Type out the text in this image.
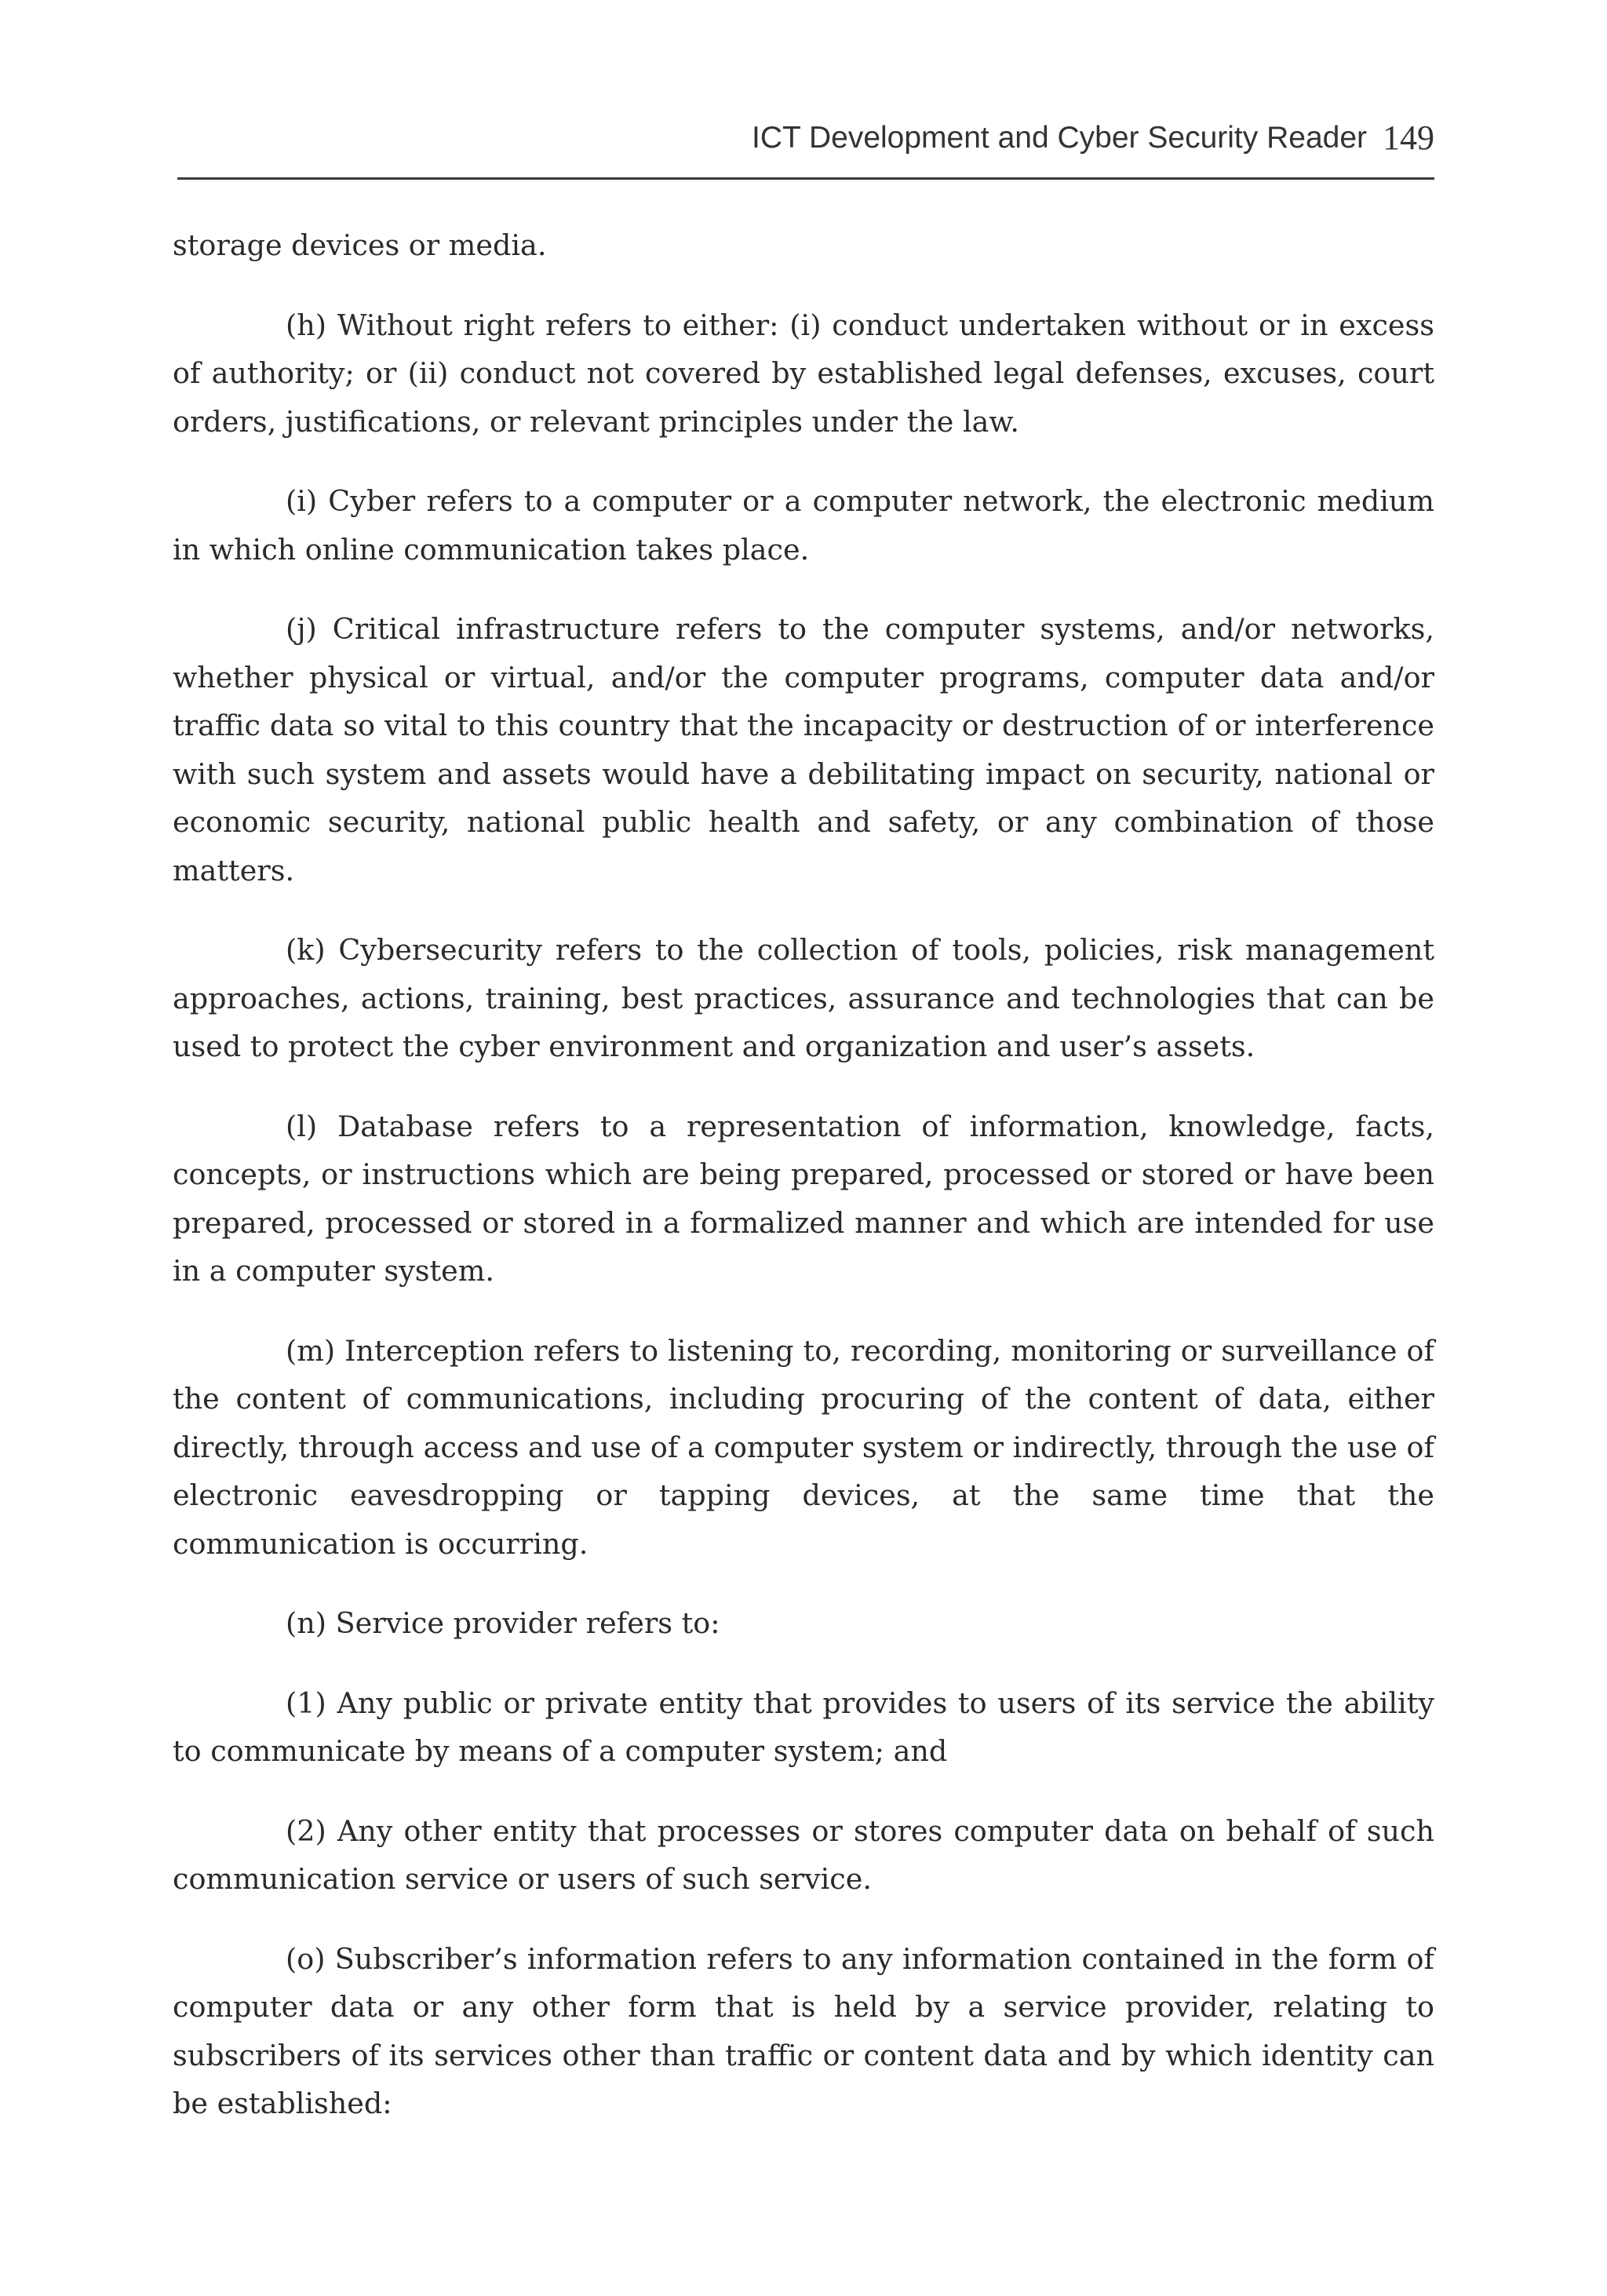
ICT Development and Cyber Security Reader 149

storage devices or media.

(h) Without right refers to either: (i) conduct undertaken without or in excess of authority; or (ii) conduct not covered by established legal defenses, excuses, court orders, justifications, or relevant principles under the law.

(i) Cyber refers to a computer or a computer network, the electronic medium in which online communication takes place.

(j) Critical infrastructure refers to the computer systems, and/or networks, whether physical or virtual, and/or the computer programs, computer data and/or traffic data so vital to this country that the incapacity or destruction of or interference with such system and assets would have a debilitating impact on security, national or economic security, national public health and safety, or any combination of those matters.

(k) Cybersecurity refers to the collection of tools, policies, risk management approaches, actions, training, best practices, assurance and technologies that can be used to protect the cyber environment and organization and user’s assets.

(l) Database refers to a representation of information, knowledge, facts, concepts, or instructions which are being prepared, processed or stored or have been prepared, processed or stored in a formalized manner and which are intended for use in a computer system.

(m) Interception refers to listening to, recording, monitoring or surveillance of the content of communications, including procuring of the content of data, either directly, through access and use of a computer system or indirectly, through the use of electronic eavesdropping or tapping devices, at the same time that the communication is occurring.

(n) Service provider refers to:

(1) Any public or private entity that provides to users of its service the ability to communicate by means of a computer system; and

(2) Any other entity that processes or stores computer data on behalf of such communication service or users of such service.

(o) Subscriber’s information refers to any information contained in the form of computer data or any other form that is held by a service provider, relating to subscribers of its services other than traffic or content data and by which identity can be established:
